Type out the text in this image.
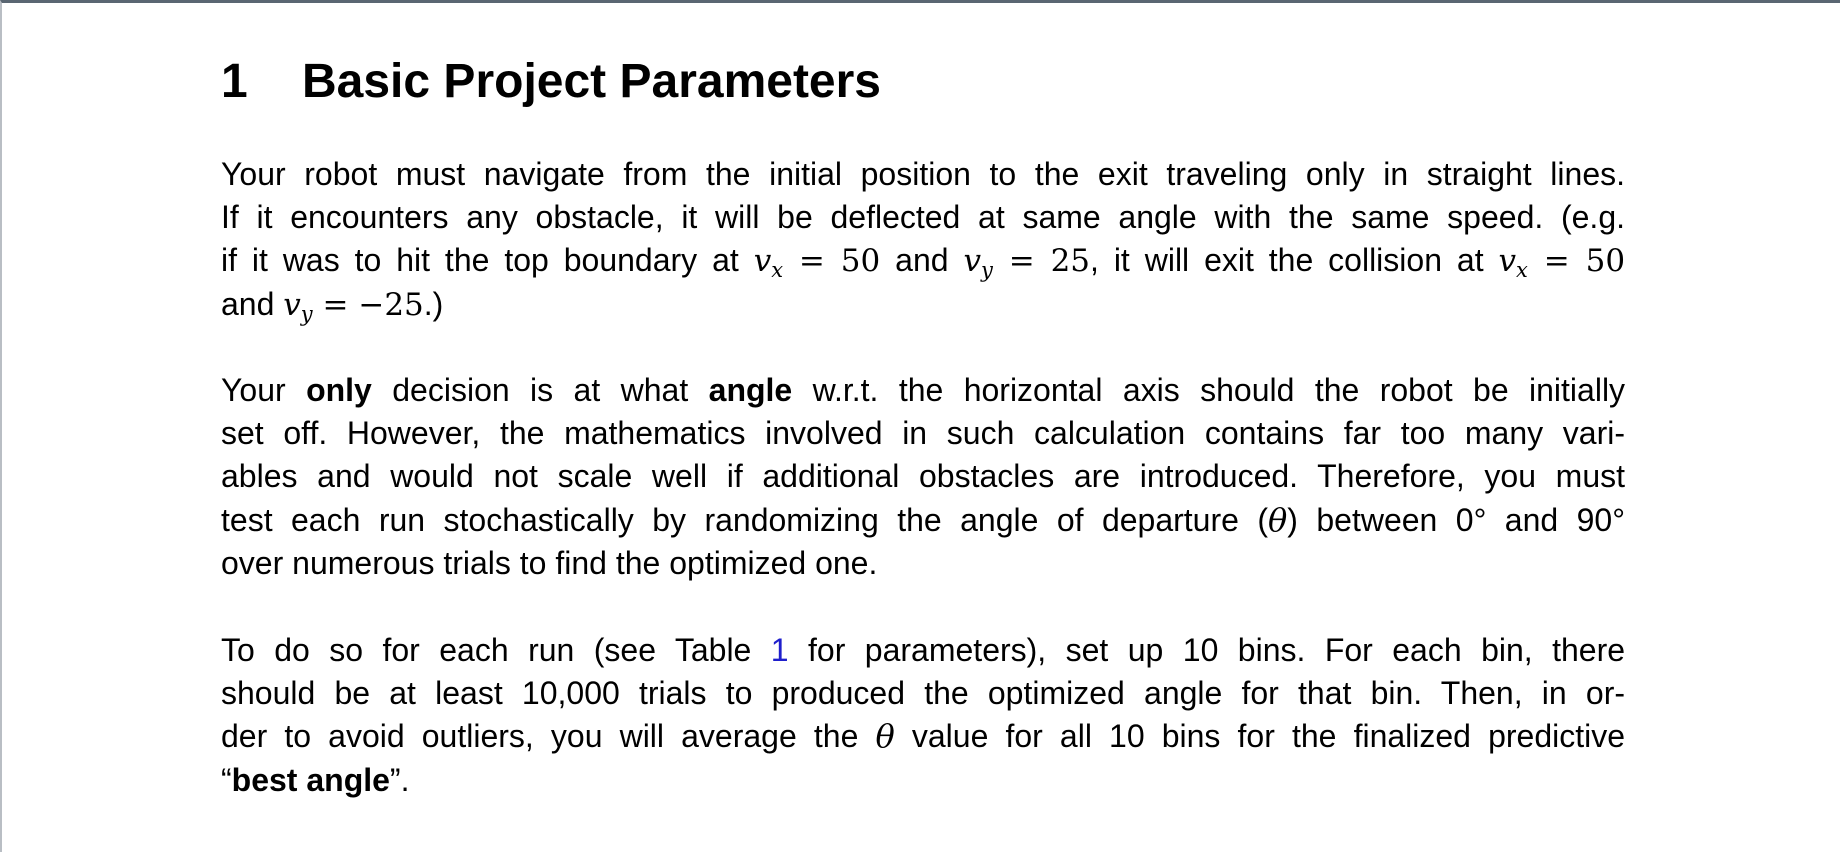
1 Basic Project Parameters

Your robot must navigate from the initial position to the exit traveling only in straight lines.
If it encounters any obstacle, it will be deflected at same angle with the same speed. (e.g.
if it was to hit the top boundary at $v_x = 50$ and $v_y = 25$, it will exit the collision at $v_x = 50$
and $v_y = -25$.)

Your only decision is at what angle w.r.t. the horizontal axis should the robot be initially
set off. However, the mathematics involved in such calculation contains far too many vari-
ables and would not scale well if additional obstacles are introduced. Therefore, you must
test each run stochastically by randomizing the angle of departure (θ) between 0° and 90°
over numerous trials to find the optimized one.

To do so for each run (see Table 1 for parameters), set up 10 bins. For each bin, there
should be at least 10,000 trials to produced the optimized angle for that bin. Then, in or-
der to avoid outliers, you will average the θ value for all 10 bins for the finalized predictive
“best angle”.
